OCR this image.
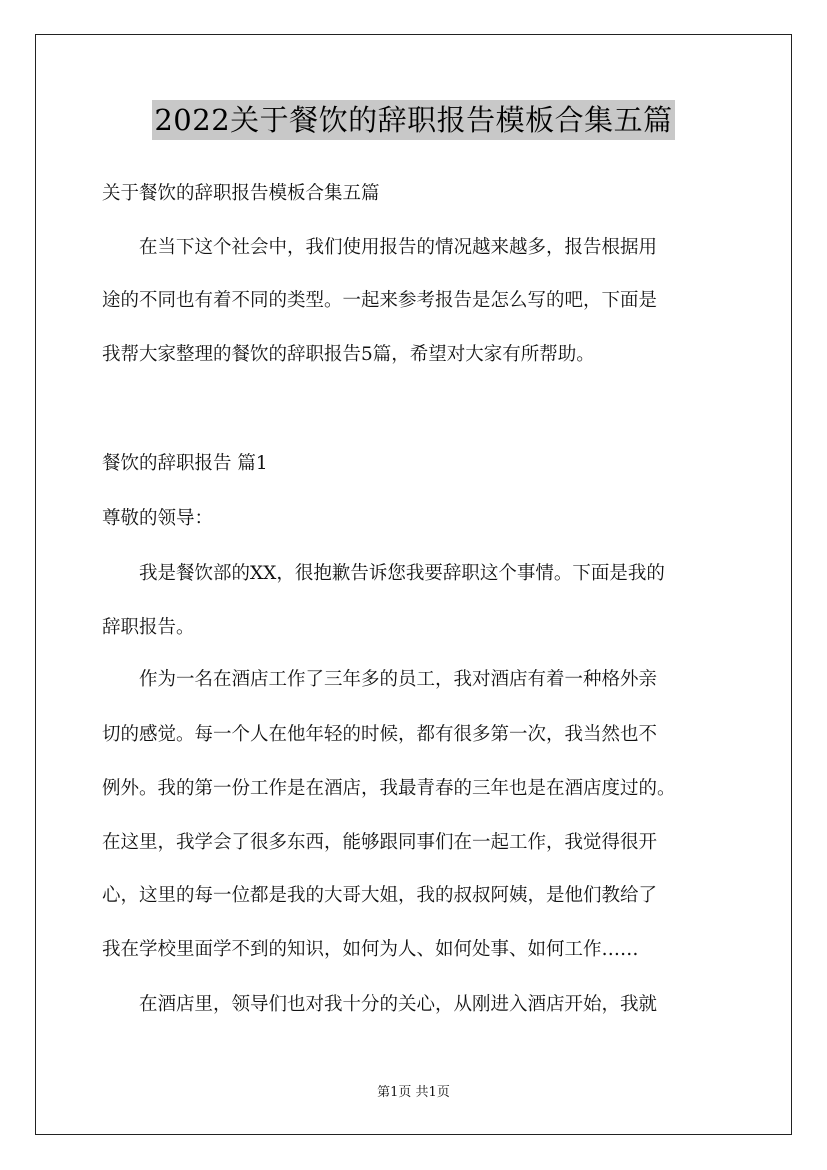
2022关于餐饮的辞职报告模板合集五篇
关于餐饮的辞职报告模板合集五篇
　　在当下这个社会中，我们使用报告的情况越来越多，报告根据用
途的不同也有着不同的类型。一起来参考报告是怎么写的吧，下面是
我帮大家整理的餐饮的辞职报告5篇，希望对大家有所帮助。
餐饮的辞职报告 篇1
尊敬的领导：
　　我是餐饮部的XX，很抱歉告诉您我要辞职这个事情。下面是我的
辞职报告。
　　作为一名在酒店工作了三年多的员工，我对酒店有着一种格外亲
切的感觉。每一个人在他年轻的时候，都有很多第一次，我当然也不
例外。我的第一份工作是在酒店，我最青春的三年也是在酒店度过的。
在这里，我学会了很多东西，能够跟同事们在一起工作，我觉得很开
心，这里的每一位都是我的大哥大姐，我的叔叔阿姨，是他们教给了
我在学校里面学不到的知识，如何为人、如何处事、如何工作……
　　在酒店里，领导们也对我十分的关心，从刚进入酒店开始，我就
第1页 共1页
